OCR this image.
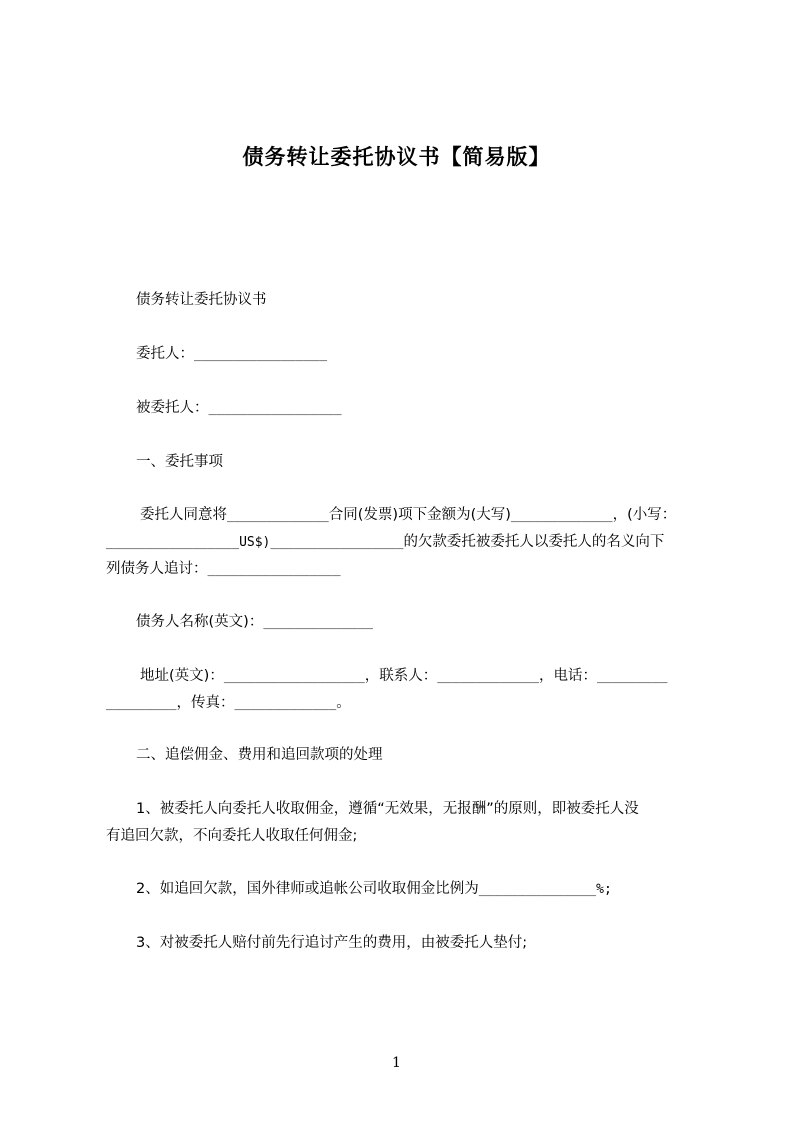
债务转让委托协议书【简易版】
债务转让委托协议书
委托人：_________________
被委托人：_________________
一、委托事项
委托人同意将_____________合同(发票)项下金额为(大写)_____________，(小写：
_________________US$)_________________的欠款委托被委托人以委托人的名义向下
列债务人追讨：_________________
债务人名称(英文)：______________
地址(英文)：__________________，联系人：_____________，电话：_________
_________，传真：_____________。
二、追偿佣金、费用和追回款项的处理
1、被委托人向委托人收取佣金，遵循“无效果，无报酬”的原则，即被委托人没
有追回欠款，不向委托人收取任何佣金;
2、如追回欠款，国外律师或追帐公司收取佣金比例为_______________%;
3、对被委托人赔付前先行追讨产生的费用，由被委托人垫付;
1
